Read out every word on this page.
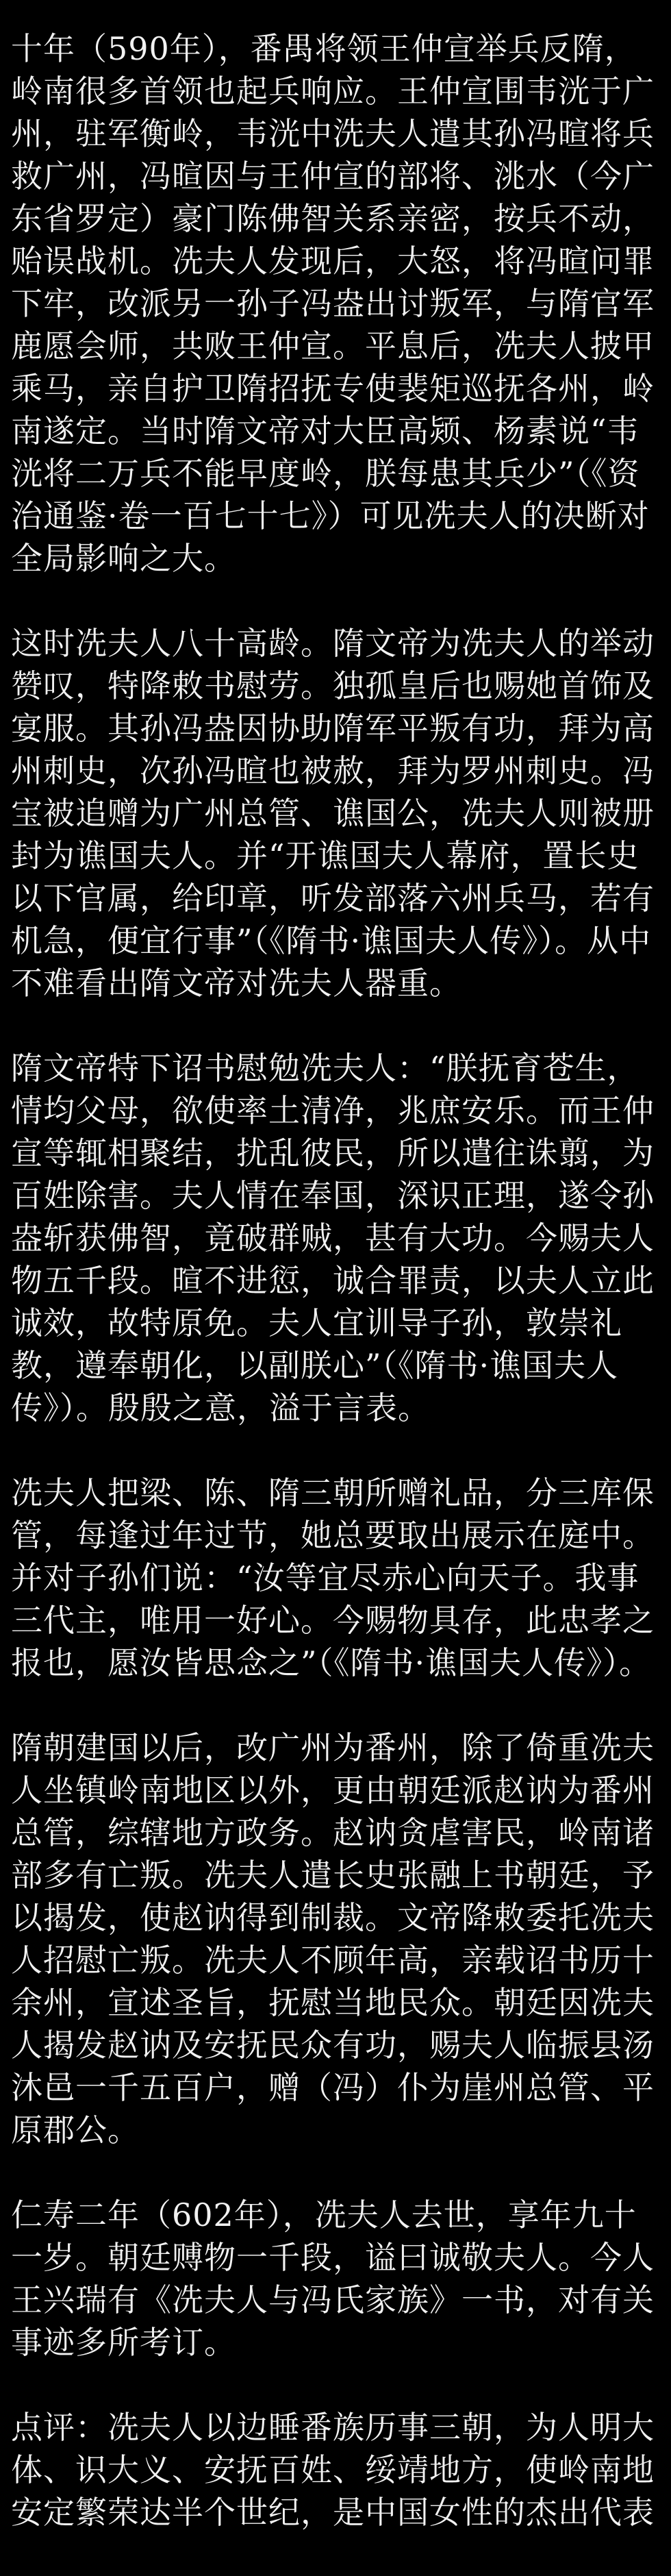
十年（590年），番禺将领王仲宣举兵反隋，岭南很多首领也起兵响应。王仲宣围韦洸于广州，驻军衡岭，韦洸中洗夫人遣其孙冯暄将兵救广州，冯暄因与王仲宣的部将、洮水（今广东省罗定）豪门陈佛智关系亲密，按兵不动，贻误战机。冼夫人发现后，大怒，将冯暄问罪下牢，改派另一孙子冯盎出讨叛军，与隋官军鹿愿会师，共败王仲宣。平息后，冼夫人披甲乘马，亲自护卫隋招抚专使裴矩巡抚各州，岭南遂定。当时隋文帝对大臣高颎、杨素说“韦洸将二万兵不能早度岭，朕每患其兵少”（《资治通鉴·卷一百七十七》）可见冼夫人的决断对全局影响之大。

这时冼夫人八十高龄。隋文帝为冼夫人的举动赞叹，特降敕书慰劳。独孤皇后也赐她首饰及宴服。其孙冯盎因协助隋军平叛有功，拜为高州刺史，次孙冯暄也被赦，拜为罗州刺史。冯宝被追赠为广州总管、谯国公，冼夫人则被册封为谯国夫人。并“开谯国夫人幕府，置长史以下官属，给印章，听发部落六州兵马，若有机急，便宜行事”（《隋书·谯国夫人传》）。从中不难看出隋文帝对冼夫人器重。

隋文帝特下诏书慰勉冼夫人：“朕抚育苍生，情均父母，欲使率土清净，兆庶安乐。而王仲宣等辄相聚结，扰乱彼民，所以遣往诛翦，为百姓除害。夫人情在奉国，深识正理，遂令孙盎斩获佛智，竟破群贼，甚有大功。今赐夫人物五千段。暄不进愆，诚合罪责，以夫人立此诚效，故特原免。夫人宜训导子孙，敦崇礼教，遵奉朝化，以副朕心”（《隋书·谯国夫人传》）。殷殷之意，溢于言表。

冼夫人把梁、陈、隋三朝所赠礼品，分三库保管，每逢过年过节，她总要取出展示在庭中。并对子孙们说：“汝等宜尽赤心向天子。我事三代主，唯用一好心。今赐物具存，此忠孝之报也，愿汝皆思念之”（《隋书·谯国夫人传》）。

隋朝建国以后，改广州为番州，除了倚重冼夫人坐镇岭南地区以外，更由朝廷派赵讷为番州总管，综辖地方政务。赵讷贪虐害民，岭南诸部多有亡叛。冼夫人遣长史张融上书朝廷，予以揭发，使赵讷得到制裁。文帝降敕委托冼夫人招慰亡叛。冼夫人不顾年高，亲载诏书历十余州，宣述圣旨，抚慰当地民众。朝廷因冼夫人揭发赵讷及安抚民众有功，赐夫人临振县汤沐邑一千五百户，赠（冯）仆为崖州总管、平原郡公。

仁寿二年（602年），冼夫人去世，享年九十一岁。朝廷赙物一千段，谥曰诚敬夫人。今人王兴瑞有《冼夫人与冯氏家族》一书，对有关事迹多所考订。

点评：冼夫人以边睡番族历事三朝，为人明大体、识大义、安抚百姓、绥靖地方，使岭南地安定繁荣达半个世纪，是中国女性的杰出代表
